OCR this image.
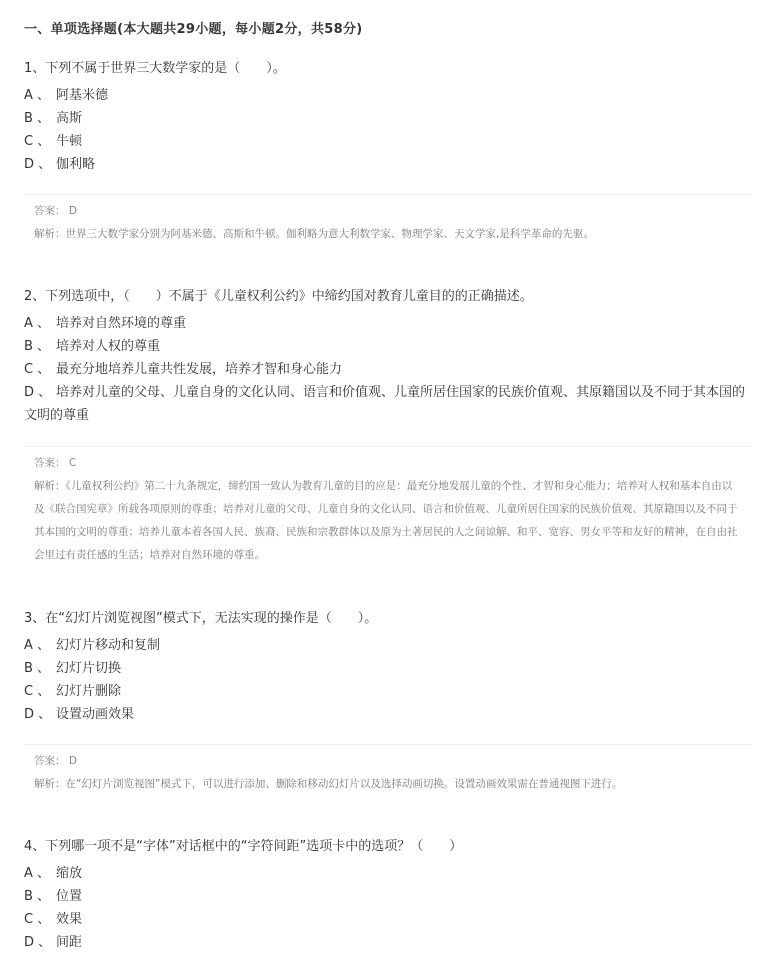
一、单项选择题(本大题共29小题，每小题2分，共58分)
1、下列不属于世界三大数学家的是（　　）。
A 、 阿基米德
B 、 高斯
C 、 牛顿
D 、 伽利略
答案： D
解析：世界三大数学家分别为阿基米德、高斯和牛顿。伽利略为意大利数学家、物理学家、天文学家,是科学革命的先驱。
2、下列选项中，（　　）不属于《儿童权利公约》中缔约国对教育儿童目的的正确描述。
A 、 培养对自然环境的尊重
B 、 培养对人权的尊重
C 、 最充分地培养儿童共性发展，培养才智和身心能力
D 、 培养对儿童的父母、儿童自身的文化认同、语言和价值观、儿童所居住国家的民族价值观、其原籍国以及不同于其本国的文明的尊重
答案： C
解析：《儿童权利公约》第二十九条规定，缔约国一致认为教育儿童的目的应是：最充分地发展儿童的个性、才智和身心能力；培养对人权和基本自由以及《联合国宪章》所载各项原则的尊重；培养对儿童的父母、儿童自身的文化认同、语言和价值观、儿童所居住国家的民族价值观、其原籍国以及不同于其本国的文明的尊重；培养儿童本着各国人民、族裔、民族和宗教群体以及原为土著居民的人之间谅解、和平、宽容、男女平等和友好的精神，在自由社会里过有责任感的生活；培养对自然环境的尊重。
3、在“幻灯片浏览视图”模式下，无法实现的操作是（　　）。
A 、 幻灯片移动和复制
B 、 幻灯片切换
C 、 幻灯片删除
D 、 设置动画效果
答案： D
解析：在“幻灯片浏览视图”模式下，可以进行添加、删除和移动幻灯片以及选择动画切换。设置动画效果需在普通视图下进行。
4、下列哪一项不是“字体”对话框中的“字符间距”选项卡中的选项？（　　）
A 、 缩放
B 、 位置
C 、 效果
D 、 间距
